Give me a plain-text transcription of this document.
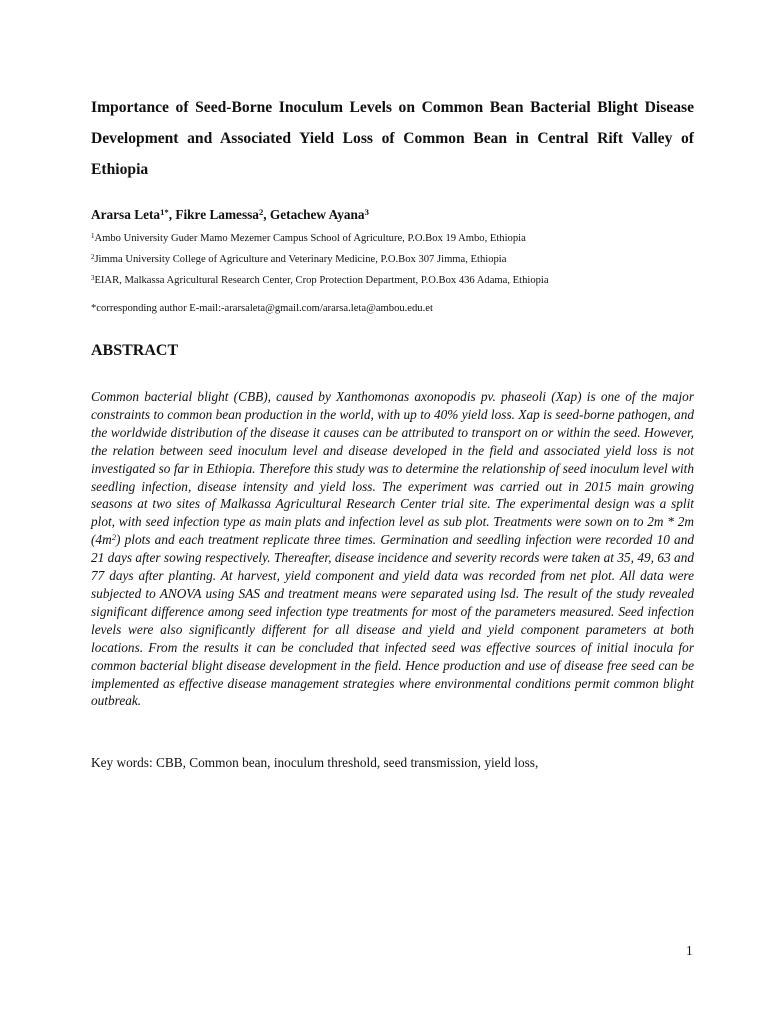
Importance of Seed-Borne Inoculum Levels on Common Bean Bacterial Blight Disease Development and Associated Yield Loss of Common Bean in Central Rift Valley of Ethiopia
Ararsa Leta$^{1*}$, Fikre Lamessa$^2$, Getachew Ayana$^3$
$^1$Ambo University Guder Mamo Mezemer Campus School of Agriculture, P.O.Box 19 Ambo, Ethiopia
$^2$Jimma University College of Agriculture and Veterinary Medicine, P.O.Box 307 Jimma, Ethiopia
$^3$EIAR, Malkassa Agricultural Research Center, Crop Protection Department, P.O.Box 436 Adama, Ethiopia
*corresponding author E-mail:-ararsaleta@gmail.com/ararsa.leta@ambou.edu.et
ABSTRACT
Common bacterial blight (CBB), caused by Xanthomonas axonopodis pv. phaseoli (Xap) is one of the major constraints to common bean production in the world, with up to 40% yield loss. Xap is seed-borne pathogen, and the worldwide distribution of the disease it causes can be attributed to transport on or within the seed. However, the relation between seed inoculum level and disease developed in the field and associated yield loss is not investigated so far in Ethiopia. Therefore this study was to determine the relationship of seed inoculum level with seedling infection, disease intensity and yield loss. The experiment was carried out in 2015 main growing seasons at two sites of Malkassa Agricultural Research Center trial site. The experimental design was a split plot, with seed infection type as main plats and infection level as sub plot. Treatments were sown on to 2m * 2m $(4m^2)$ plots and each treatment replicate three times. Germination and seedling infection were recorded 10 and 21 days after sowing respectively. Thereafter, disease incidence and severity records were taken at 35, 49, 63 and 77 days after planting. At harvest, yield component and yield data was recorded from net plot. All data were subjected to ANOVA using SAS and treatment means were separated using lsd. The result of the study revealed significant difference among seed infection type treatments for most of the parameters measured. Seed infection levels were also significantly different for all disease and yield and yield component parameters at both locations. From the results it can be concluded that infected seed was effective sources of initial inocula for common bacterial blight disease development in the field. Hence production and use of disease free seed can be implemented as effective disease management strategies where environmental conditions permit common blight outbreak.
Key words: CBB, Common bean, inoculum threshold, seed transmission, yield loss,
1
